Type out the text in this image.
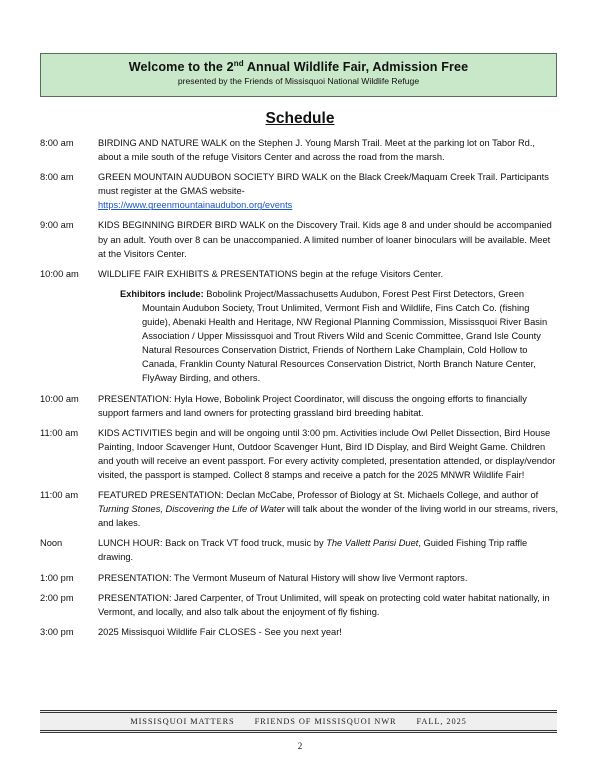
Welcome to the 2nd Annual Wildlife Fair, Admission Free
presented by the Friends of Missisquoi National Wildlife Refuge
Schedule
8:00 am	BIRDING AND NATURE WALK on the Stephen J. Young Marsh Trail. Meet at the parking lot on Tabor Rd., about a mile south of the refuge Visitors Center and across the road from the marsh.
8:00 am	GREEN MOUNTAIN AUDUBON SOCIETY BIRD WALK on the Black Creek/Maquam Creek Trail. Participants must register at the GMAS website-
https://www.greenmountainaudubon.org/events
9:00 am	KIDS BEGINNING BIRDER BIRD WALK on the Discovery Trail. Kids age 8 and under should be accompanied by an adult. Youth over 8 can be unaccompanied. A limited number of loaner binoculars will be available. Meet at the Visitors Center.
10:00 am	WILDLIFE FAIR EXHIBITS & PRESENTATIONS begin at the refuge Visitors Center.
Exhibitors include: Bobolink Project/Massachusetts Audubon, Forest Pest First Detectors, Green Mountain Audubon Society, Trout Unlimited, Vermont Fish and Wildlife, Fins Catch Co. (fishing guide), Abenaki Health and Heritage, NW Regional Planning Commission, Mississquoi River Basin Association / Upper Mississquoi and Trout Rivers Wild and Scenic Committee, Grand Isle County Natural Resources Conservation District, Friends of Northern Lake Champlain, Cold Hollow to Canada, Franklin County Natural Resources Conservation District, North Branch Nature Center, FlyAway Birding, and others.
10:00 am	PRESENTATION: Hyla Howe, Bobolink Project Coordinator, will discuss the ongoing efforts to financially support farmers and land owners for protecting grassland bird breeding habitat.
11:00 am	KIDS ACTIVITIES begin and will be ongoing until 3:00 pm. Activities include Owl Pellet Dissection, Bird House Painting, Indoor Scavenger Hunt, Outdoor Scavenger Hunt, Bird ID Display, and Bird Weight Game. Children and youth will receive an event passport. For every activity completed, presentation attended, or display/vendor visited, the passport is stamped. Collect 8 stamps and receive a patch for the 2025 MNWR Wildlife Fair!
11:00 am	FEATURED PRESENTATION: Declan McCabe, Professor of Biology at St. Michaels College, and author of Turning Stones, Discovering the Life of Water will talk about the wonder of the living world in our streams, rivers, and lakes.
Noon	LUNCH HOUR: Back on Track VT food truck, music by The Vallett Parisi Duet, Guided Fishing Trip raffle drawing.
1:00 pm	PRESENTATION: The Vermont Museum of Natural History will show live Vermont raptors.
2:00 pm	PRESENTATION: Jared Carpenter, of Trout Unlimited, will speak on protecting cold water habitat nationally, in Vermont, and locally, and also talk about the enjoyment of fly fishing.
3:00 pm	2025 Missisquoi Wildlife Fair CLOSES - See you next year!
MISSISQUOI MATTERS FRIENDS OF MISSISQUOI NWR FALL, 2025
2
